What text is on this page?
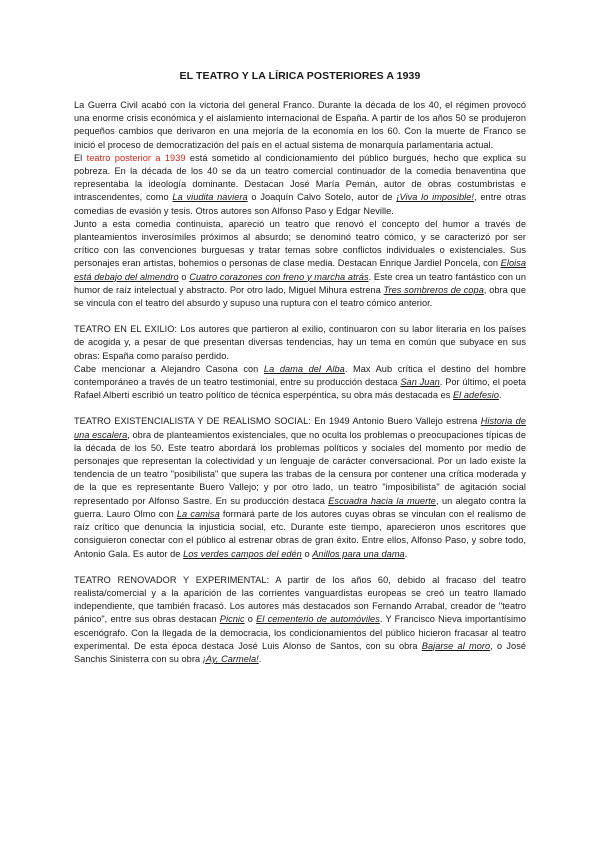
EL TEATRO Y LA LÍRICA POSTERIORES A 1939

La Guerra Civil acabó con la victoria del general Franco. Durante la década de los 40, el régimen provocó una enorme crisis económica y el aislamiento internacional de España. A partir de los años 50 se produjeron pequeños cambios que derivaron en una mejoría de la economía en los 60. Con la muerte de Franco se inició el proceso de democratización del país en el actual sistema de monarquía parlamentaria actual.

El teatro posterior a 1939 está sometido al condicionamiento del público burgués, hecho que explica su pobreza. En la década de los 40 se da un teatro comercial continuador de la comedia benaventina que representaba la ideología dominante. Destacan José María Pemán, autor de obras costumbristas e intrascendentes, como La viudita naviera o Joaquín Calvo Sotelo, autor de ¡Viva lo imposible!, entre otras comedias de evasión y tesis. Otros autores son Alfonso Paso y Edgar Neville.

Junto a esta comedia continuista, apareció un teatro que renovó el concepto del humor a través de planteamientos inverosímiles próximos al absurdo; se denominó teatro cómico, y se caracterizó por ser crítico con las convenciones burguesas y tratar temas sobre conflictos individuales o existenciales. Sus personajes eran artistas, bohemios o personas de clase media. Destacan Enrique Jardiel Poncela, con Eloisa está debajo del almendro o Cuatro corazones con freno y marcha atrás. Este crea un teatro fantástico con un humor de raíz intelectual y abstracto. Por otro lado, Miguel Mihura estrena Tres sombreros de copa, obra que se vincula con el teatro del absurdo y supuso una ruptura con el teatro cómico anterior.

TEATRO EN EL EXILIO: Los autores que partieron al exilio, continuaron con su labor literaria en los países de acogida y, a pesar de que presentan diversas tendencias, hay un tema en común que subyace en sus obras: España como paraíso perdido.

Cabe mencionar a Alejandro Casona con La dama del Alba. Max Aub crítica el destino del hombre contemporáneo a través de un teatro testimonial, entre su producción destaca San Juan. Por último, el poeta Rafael Alberti escribió un teatro político de técnica esperpéntica, su obra más destacada es El adefesio.

TEATRO EXISTENCIALISTA Y DE REALISMO SOCIAL: En 1949 Antonio Buero Vallejo estrena Historia de una escalera, obra de planteamientos existenciales, que no oculta los problemas o preocupaciones típicas de la década de los 50. Este teatro abordará los problemas políticos y sociales del momento por medio de personajes que representan la colectividad y un lenguaje de carácter conversacional. Por un lado existe la tendencia de un teatro "posibilista" que supera las trabas de la censura por contener una crítica moderada y de la que es representante Buero Vallejo; y por otro lado, un teatro "imposibilista" de agitación social representado por Alfonso Sastre. En su producción destaca Escuadra hacia la muerte, un alegato contra la guerra. Lauro Olmo con La camisa formará parte de los autores cuyas obras se vinculan con el realismo de raíz crítico que denuncia la injusticia social, etc. Durante este tiempo, aparecieron unos escritores que consiguieron conectar con el público al estrenar obras de gran éxito. Entre ellos, Alfonso Paso, y sobre todo, Antonio Gala. Es autor de Los verdes campos del edén o Anillos para una dama.

TEATRO RENOVADOR Y EXPERIMENTAL: A partir de los años 60, debido al fracaso del teatro realista/comercial y a la aparición de las corrientes vanguardistas europeas se creó un teatro llamado independiente, que también fracasó. Los autores más destacados son Fernando Arrabal, creador de "teatro pánico", entre sus obras destacan Picnic o El cementerio de automóviles. Y Francisco Nieva importantísimo escenógrafo. Con la llegada de la democracia, los condicionamientos del público hicieron fracasar al teatro experimental. De esta época destaca José Luis Alonso de Santos, con su obra Bajarse al moro, o José Sanchis Sinisterra con su obra ¡Ay, Carmela!.
